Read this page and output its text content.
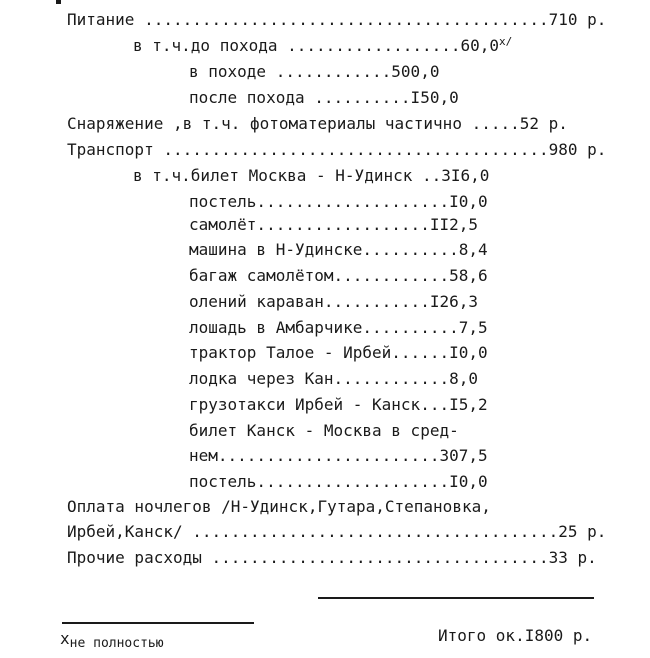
Питание ..........................................710 р.
в т.ч.до похода $..................60,0^{x/}$
в походе ............500,0
после похода ..........I50,0
Снаряжение ,в т.ч. фотоматериалы частично .....52 р.
Транспорт ........................................980 р.
в т.ч.билет Москва - Н-Удинск ..3I6,0
постель....................I0,0
самолёт..................II2,5
машина в Н-Удинске..........8,4
багаж самолётом............58,6
олений караван...........I26,3
лошадь в Амбарчике..........7,5
трактор Талое - Ирбей......I0,0
лодка через Кан............8,0
грузотакси Ирбей - Канск...I5,2
билет Канск - Москва в сред-
нем.......................307,5
постель....................I0,0
Оплата ночлегов /Н-Удинск,Гутара,Степановка,
Ирбей,Канск/ ......................................25 р.
Прочие расходы ...................................33 р.
xне полностью	Итого ок.I800 р.
